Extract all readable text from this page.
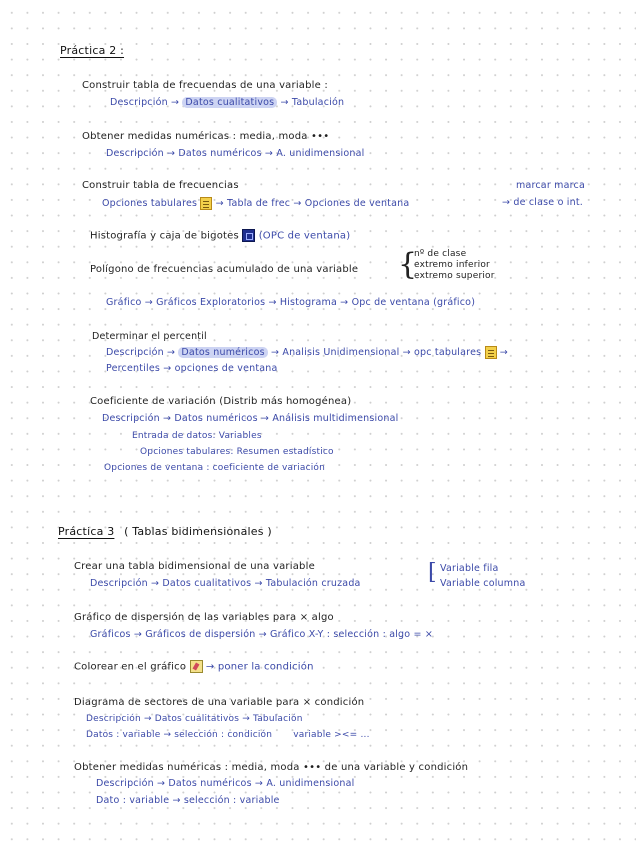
Práctica 2 :
Construir tabla de frecuendas de una variable :
Descripción → Datos cualitativos → Tabulación
Obtener medidas numéricas : media, moda •••
Descripción → Datos numéricos → A. unidimensional
Construir tabla de frecuencias	marcar marca
Opciones tabulares → Tabla de frec → Opciones de ventana	→ de clase o int.
Histografía y caja de bigotes (OPC de ventana)
Polígono de frecuencias acumulado de una variable {
nº de clase
extremo inferior
extremo superior
Gráfico → Gráficos Exploratorios → Histograma → Opc de ventana (gráfico)
Determinar el percentil
Descripción → Datos numéricos → Analisis Unidimensional → opc tabulares →
Percentiles → opciones de ventana
Coeficiente de variación (Distrib más homogénea)
Descripción → Datos numéricos → Análisis multidimensional
Entrada de datos: Variables
Opciones tabulares: Resumen estadístico
Opciones de ventana : coeficiente de variación
Práctica 3 ( Tablas bidimensionales )
Crear una tabla bidimensional de una variable
Descripción → Datos cualitativos → Tabulación cruzada	[ Variable fila
Variable columna
Gráfico de dispersión de las variables para × algo
Gráficos → Gráficos de dispersión → Gráfico X-Y : selección : algo = ×
Colorear en el gráfico → poner la condición
Diagrama de sectores de una variable para × condición
Descripción → Datos cualitativos → Tabulación
Datos : variable → selección : condición variable ><= ...
Obtener medidas numéricas : media, moda ••• de una variable y condición
Descripción → Datos numéricos → A. unidimensional
Dato : variable → selección : variable
